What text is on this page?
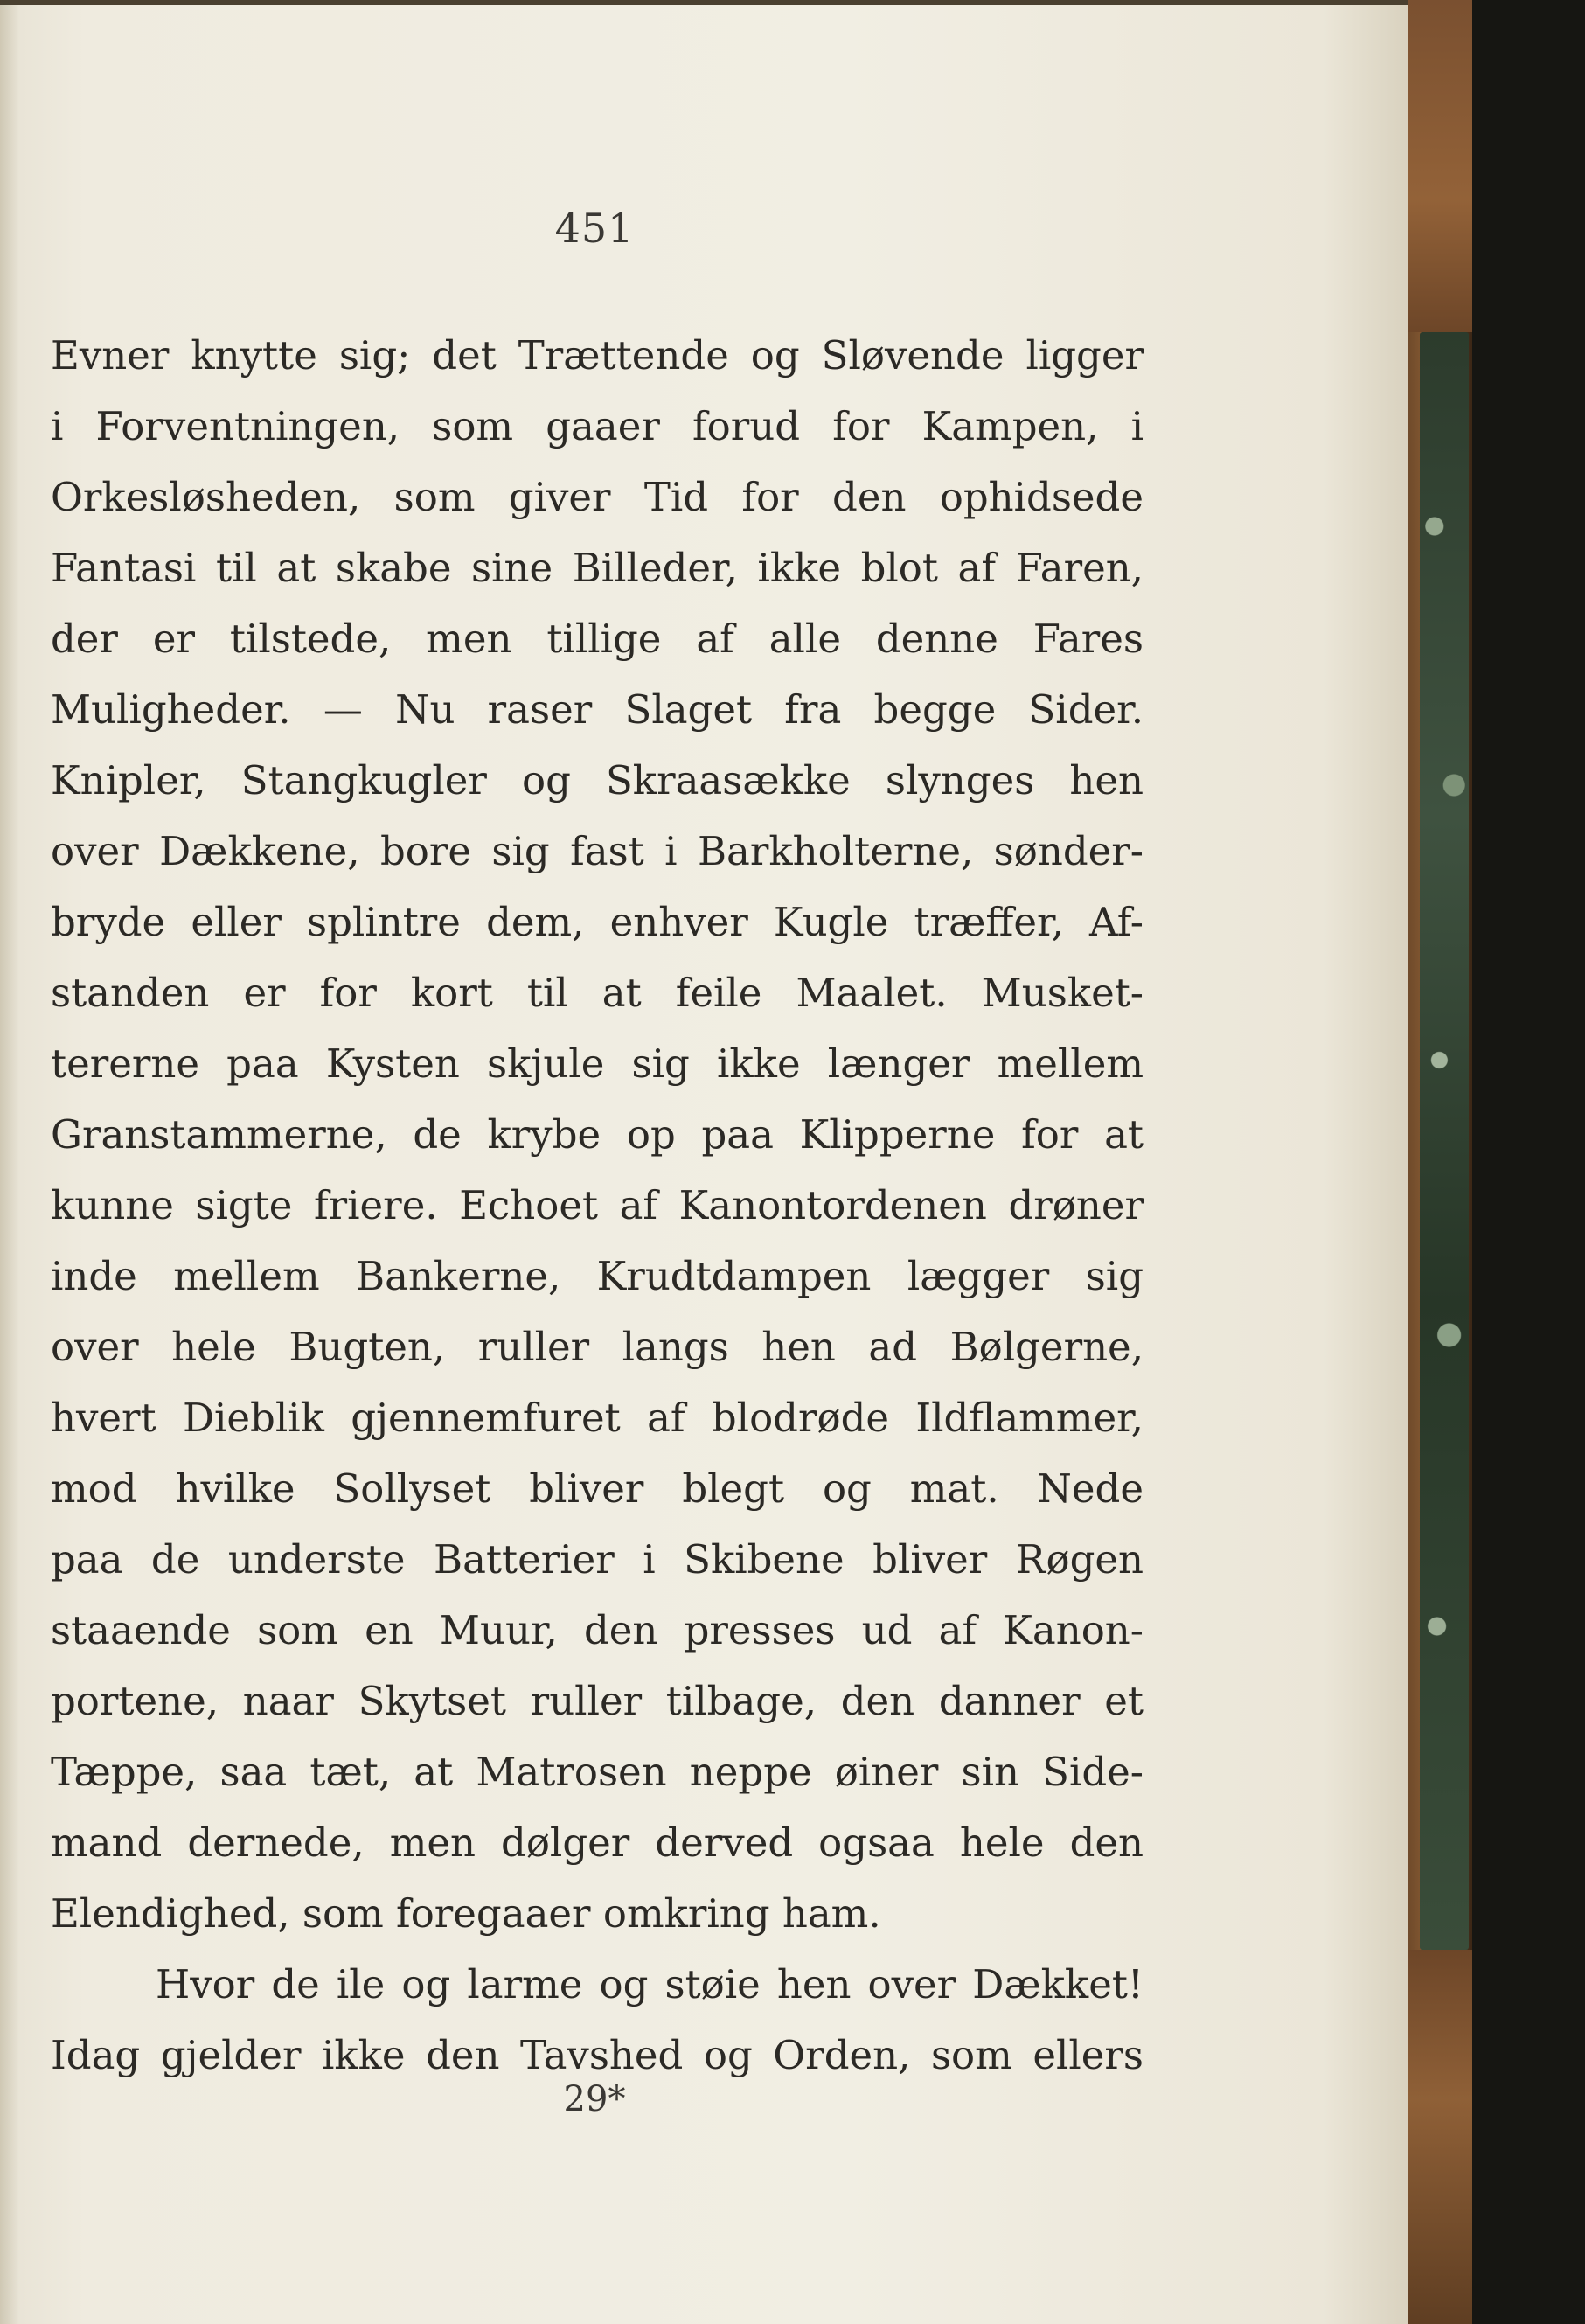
451
Evner knytte sig; det Trættende og Sløvende ligger
i Forventningen, som gaaer forud for Kampen, i
Orkesløsheden, som giver Tid for den ophidsede
Fantasi til at skabe sine Billeder, ikke blot af Faren,
der er tilstede, men tillige af alle denne Fares
Muligheder. — Nu raser Slaget fra begge Sider.
Knipler, Stangkugler og Skraasække slynges hen
over Dækkene, bore sig fast i Barkholterne, sønder-
bryde eller splintre dem, enhver Kugle træffer, Af-
standen er for kort til at feile Maalet. Musket-
tererne paa Kysten skjule sig ikke længer mellem
Granstammerne, de krybe op paa Klipperne for at
kunne sigte friere. Echoet af Kanontordenen drøner
inde mellem Bankerne, Krudtdampen lægger sig
over hele Bugten, ruller langs hen ad Bølgerne,
hvert Dieblik gjennemfuret af blodrøde Ildflammer,
mod hvilke Sollyset bliver blegt og mat. Nede
paa de underste Batterier i Skibene bliver Røgen
staaende som en Muur, den presses ud af Kanon-
portene, naar Skytset ruller tilbage, den danner et
Tæppe, saa tæt, at Matrosen neppe øiner sin Side-
mand dernede, men dølger derved ogsaa hele den
Elendighed, som foregaaer omkring ham.
Hvor de ile og larme og støie hen over Dækket!
Idag gjelder ikke den Tavshed og Orden, som ellers
29*
